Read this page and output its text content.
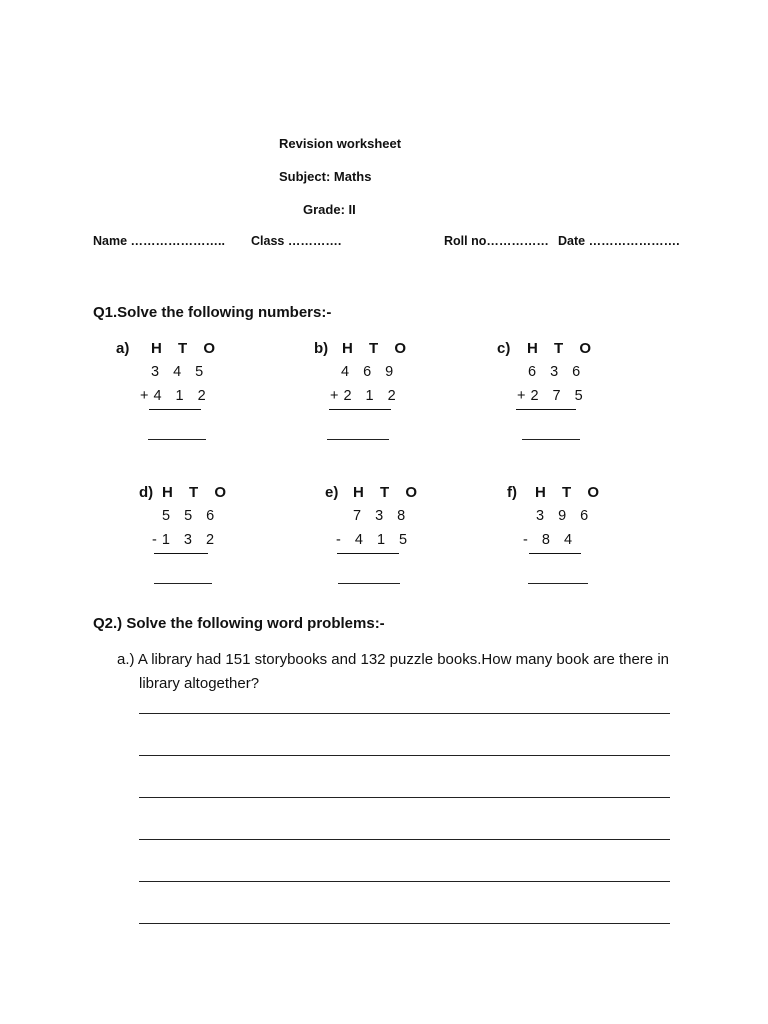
Revision worksheet
Subject: Maths
Grade: II
Name ………………….. Class ………….	Roll no…………… Date ………………….
Q1.Solve the following numbers:-
a) H T O
3 4 5
+4 1 2
b) H T O
4 6 9
+2 1 2
c) H T O
6 3 6
+2 7 5
d) H T O
5 5 6
-1 3 2
e) H T O
7 3 8
- 4 1 5
f) H T O
3 9 6
- 8 4
Q2.) Solve the following word problems:-
a.) A library had 151 storybooks and 132 puzzle books.How many book are there in library altogether?
